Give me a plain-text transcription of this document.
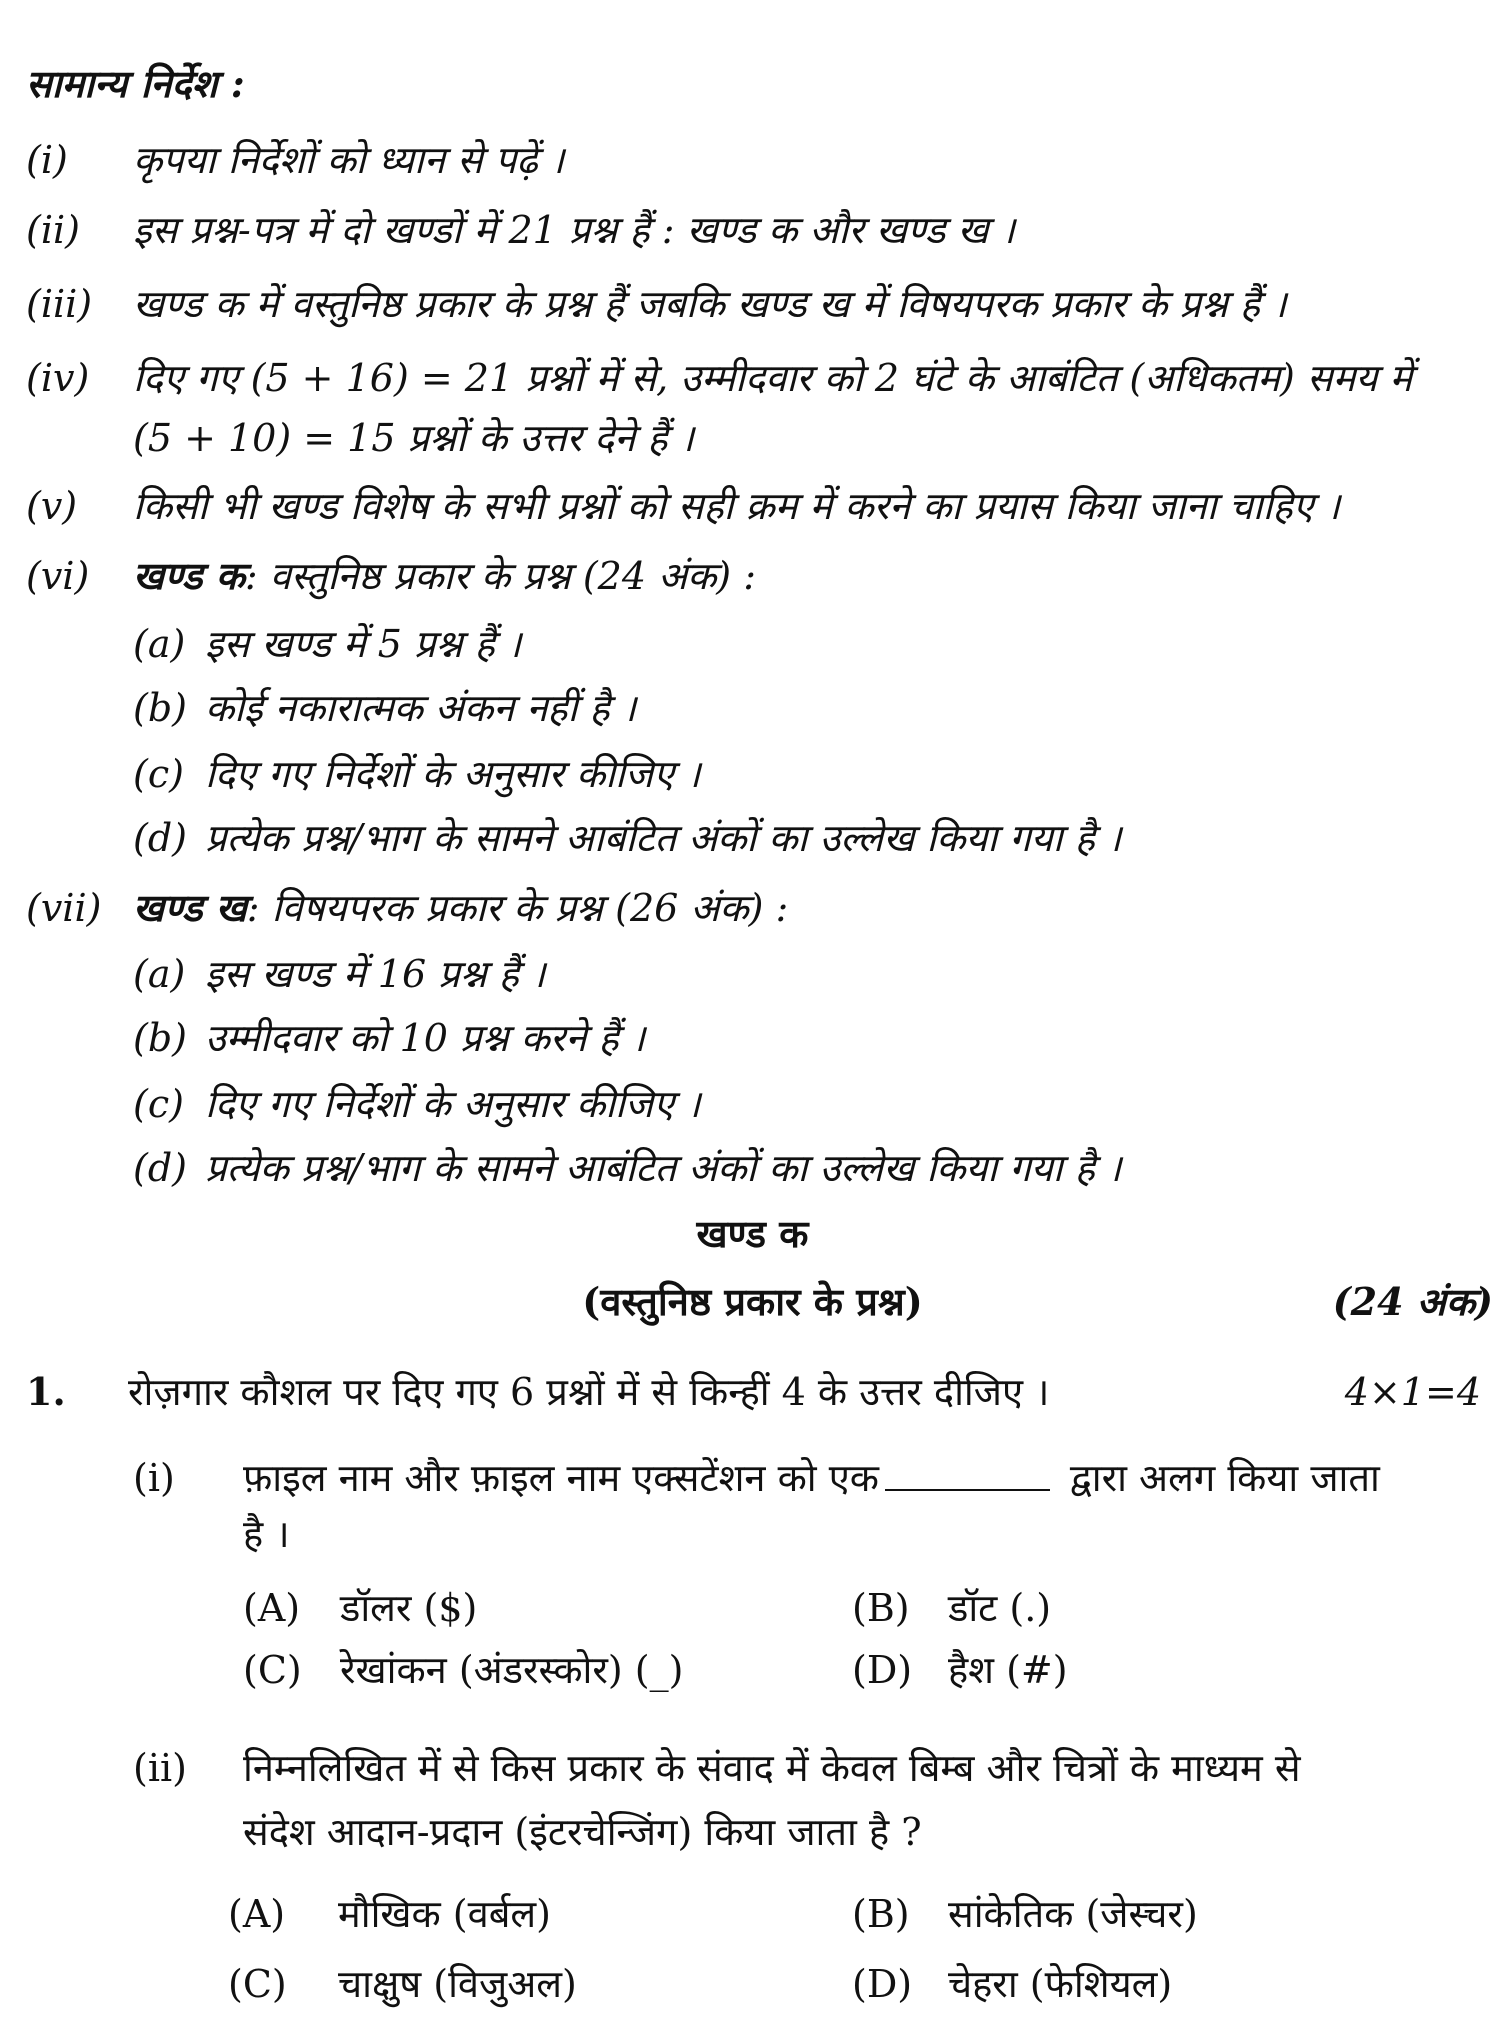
सामान्य निर्देश :
(i) कृपया निर्देशों को ध्यान से पढ़ें ।
(ii) इस प्रश्न-पत्र में दो खण्डों में 21 प्रश्न हैं : खण्ड क और खण्ड ख ।
(iii) खण्ड क में वस्तुनिष्ठ प्रकार के प्रश्न हैं जबकि खण्ड ख में विषयपरक प्रकार के प्रश्न हैं ।
(iv) दिए गए (5 + 16) = 21 प्रश्नों में से, उम्मीदवार को 2 घंटे के आबंटित (अधिकतम) समय में
(5 + 10) = 15 प्रश्नों के उत्तर देने हैं ।
(v) किसी भी खण्ड विशेष के सभी प्रश्नों को सही क्रम में करने का प्रयास किया जाना चाहिए ।
(vi) खण्ड क: वस्तुनिष्ठ प्रकार के प्रश्न (24 अंक) :
(a) इस खण्ड में 5 प्रश्न हैं ।
(b) कोई नकारात्मक अंकन नहीं है ।
(c) दिए गए निर्देशों के अनुसार कीजिए ।
(d) प्रत्येक प्रश्न/भाग के सामने आबंटित अंकों का उल्लेख किया गया है ।
(vii) खण्ड ख: विषयपरक प्रकार के प्रश्न (26 अंक) :
(a) इस खण्ड में 16 प्रश्न हैं ।
(b) उम्मीदवार को 10 प्रश्न करने हैं ।
(c) दिए गए निर्देशों के अनुसार कीजिए ।
(d) प्रत्येक प्रश्न/भाग के सामने आबंटित अंकों का उल्लेख किया गया है ।
खण्ड क
(वस्तुनिष्ठ प्रकार के प्रश्न)	(24 अंक)
1. रोज़गार कौशल पर दिए गए 6 प्रश्नों में से किन्हीं 4 के उत्तर दीजिए ।	4×1=4
(i) फ़ाइल नाम और फ़ाइल नाम एक्सटेंशन को एक	द्वारा अलग किया जाता
है ।
(A) डॉलर ($)	(B) डॉट (.)
(C) रेखांकन (अंडरस्कोर) (_)	(D) हैश (#)
(ii) निम्नलिखित में से किस प्रकार के संवाद में केवल बिम्ब और चित्रों के माध्यम से
संदेश आदान-प्रदान (इंटरचेन्जिंग) किया जाता है ?
(A) मौखिक (वर्बल)	(B) सांकेतिक (जेस्चर)
(C) चाक्षुष (विजुअल)	(D) चेहरा (फेशियल)
